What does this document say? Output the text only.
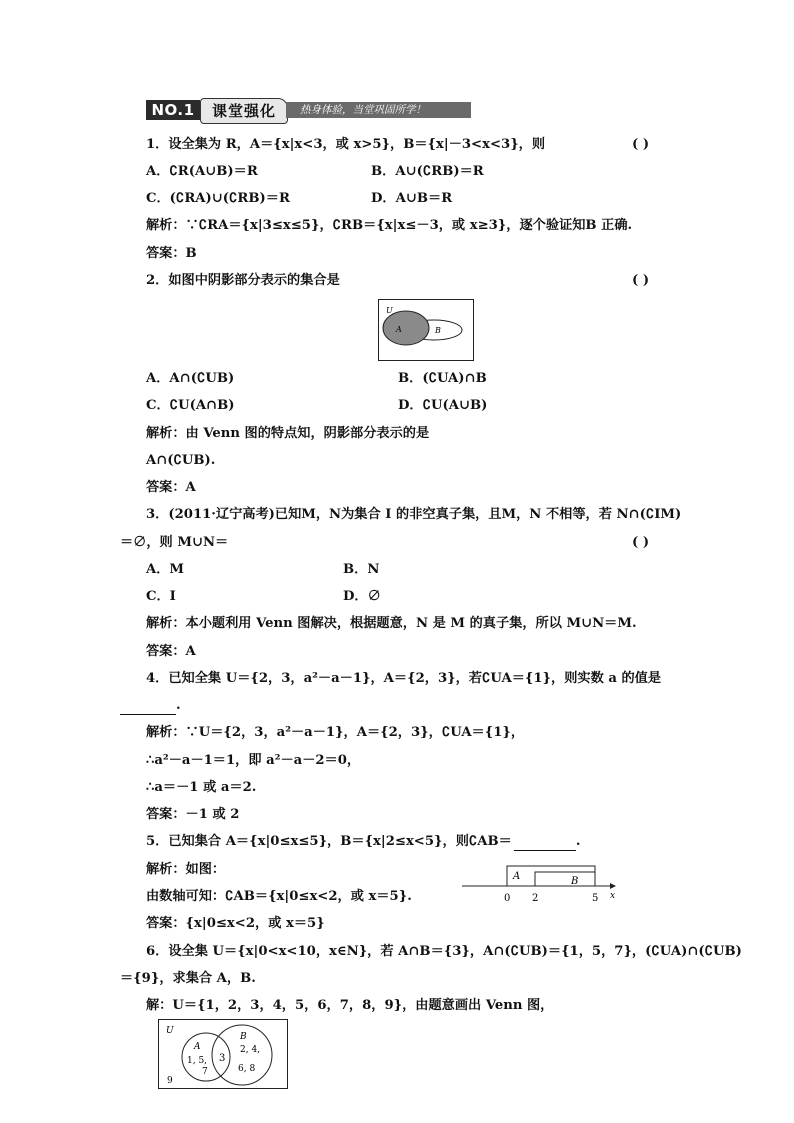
NO.1	课堂强化	热身体验，当堂巩固所学！
1．设全集为 R，A＝{x|x<3，或 x>5}，B＝{x|－3<x<3}，则	( )
A．∁R(A∪B)＝R	B．A∪(∁RB)＝R
C．(∁RA)∪(∁RB)＝R	D．A∪B＝R
解析：∵∁RA＝{x|3≤x≤5}，∁RB＝{x|x≤－3，或 x≥3}，逐个验证知B 正确.
答案：B
2．如图中阴影部分表示的集合是	( )
U
A	B
A．A∩(∁UB)	B．(∁UA)∩B
C．∁U(A∩B)	D．∁U(A∪B)
解析：由 Venn 图的特点知，阴影部分表示的是
A∩(∁UB).
答案：A
3．(2011·辽宁高考)已知M，N为集合 I 的非空真子集，且M，N 不相等，若 N∩(∁IM)
＝∅，则 M∪N＝	( )
A．M	B．N
C．I	D．∅
解析：本小题利用 Venn 图解决，根据题意，N 是 M 的真子集，所以 M∪N＝M.
答案：A
4．已知全集 U＝{2，3，a²－a－1}，A＝{2，3}，若∁UA＝{1}，则实数 a 的值是
.
解析：∵U＝{2，3，a²－a－1}，A＝{2，3}，∁UA＝{1}，
∴a²－a－1＝1，即 a²－a－2＝0，
∴a＝－1 或 a＝2.
答案：－1 或 2
5．已知集合 A＝{x|0≤x≤5}，B＝{x|2≤x<5}，则∁AB＝	.
解析：如图：
由数轴可知：∁AB＝{x|0≤x<2，或 x＝5}.
答案：{x|0≤x<2，或 x＝5}
A	B
0 2	5 x
6．设全集 U＝{x|0<x<10，x∈N}，若 A∩B＝{3}，A∩(∁UB)＝{1，5，7}，(∁UA)∩(∁UB)
＝{9}，求集合 A，B.
解：U＝{1，2，3，4，5，6，7，8，9}，由题意画出 Venn 图，
U
A
B
1, 5,
7
3
2, 4,
6, 8
9
